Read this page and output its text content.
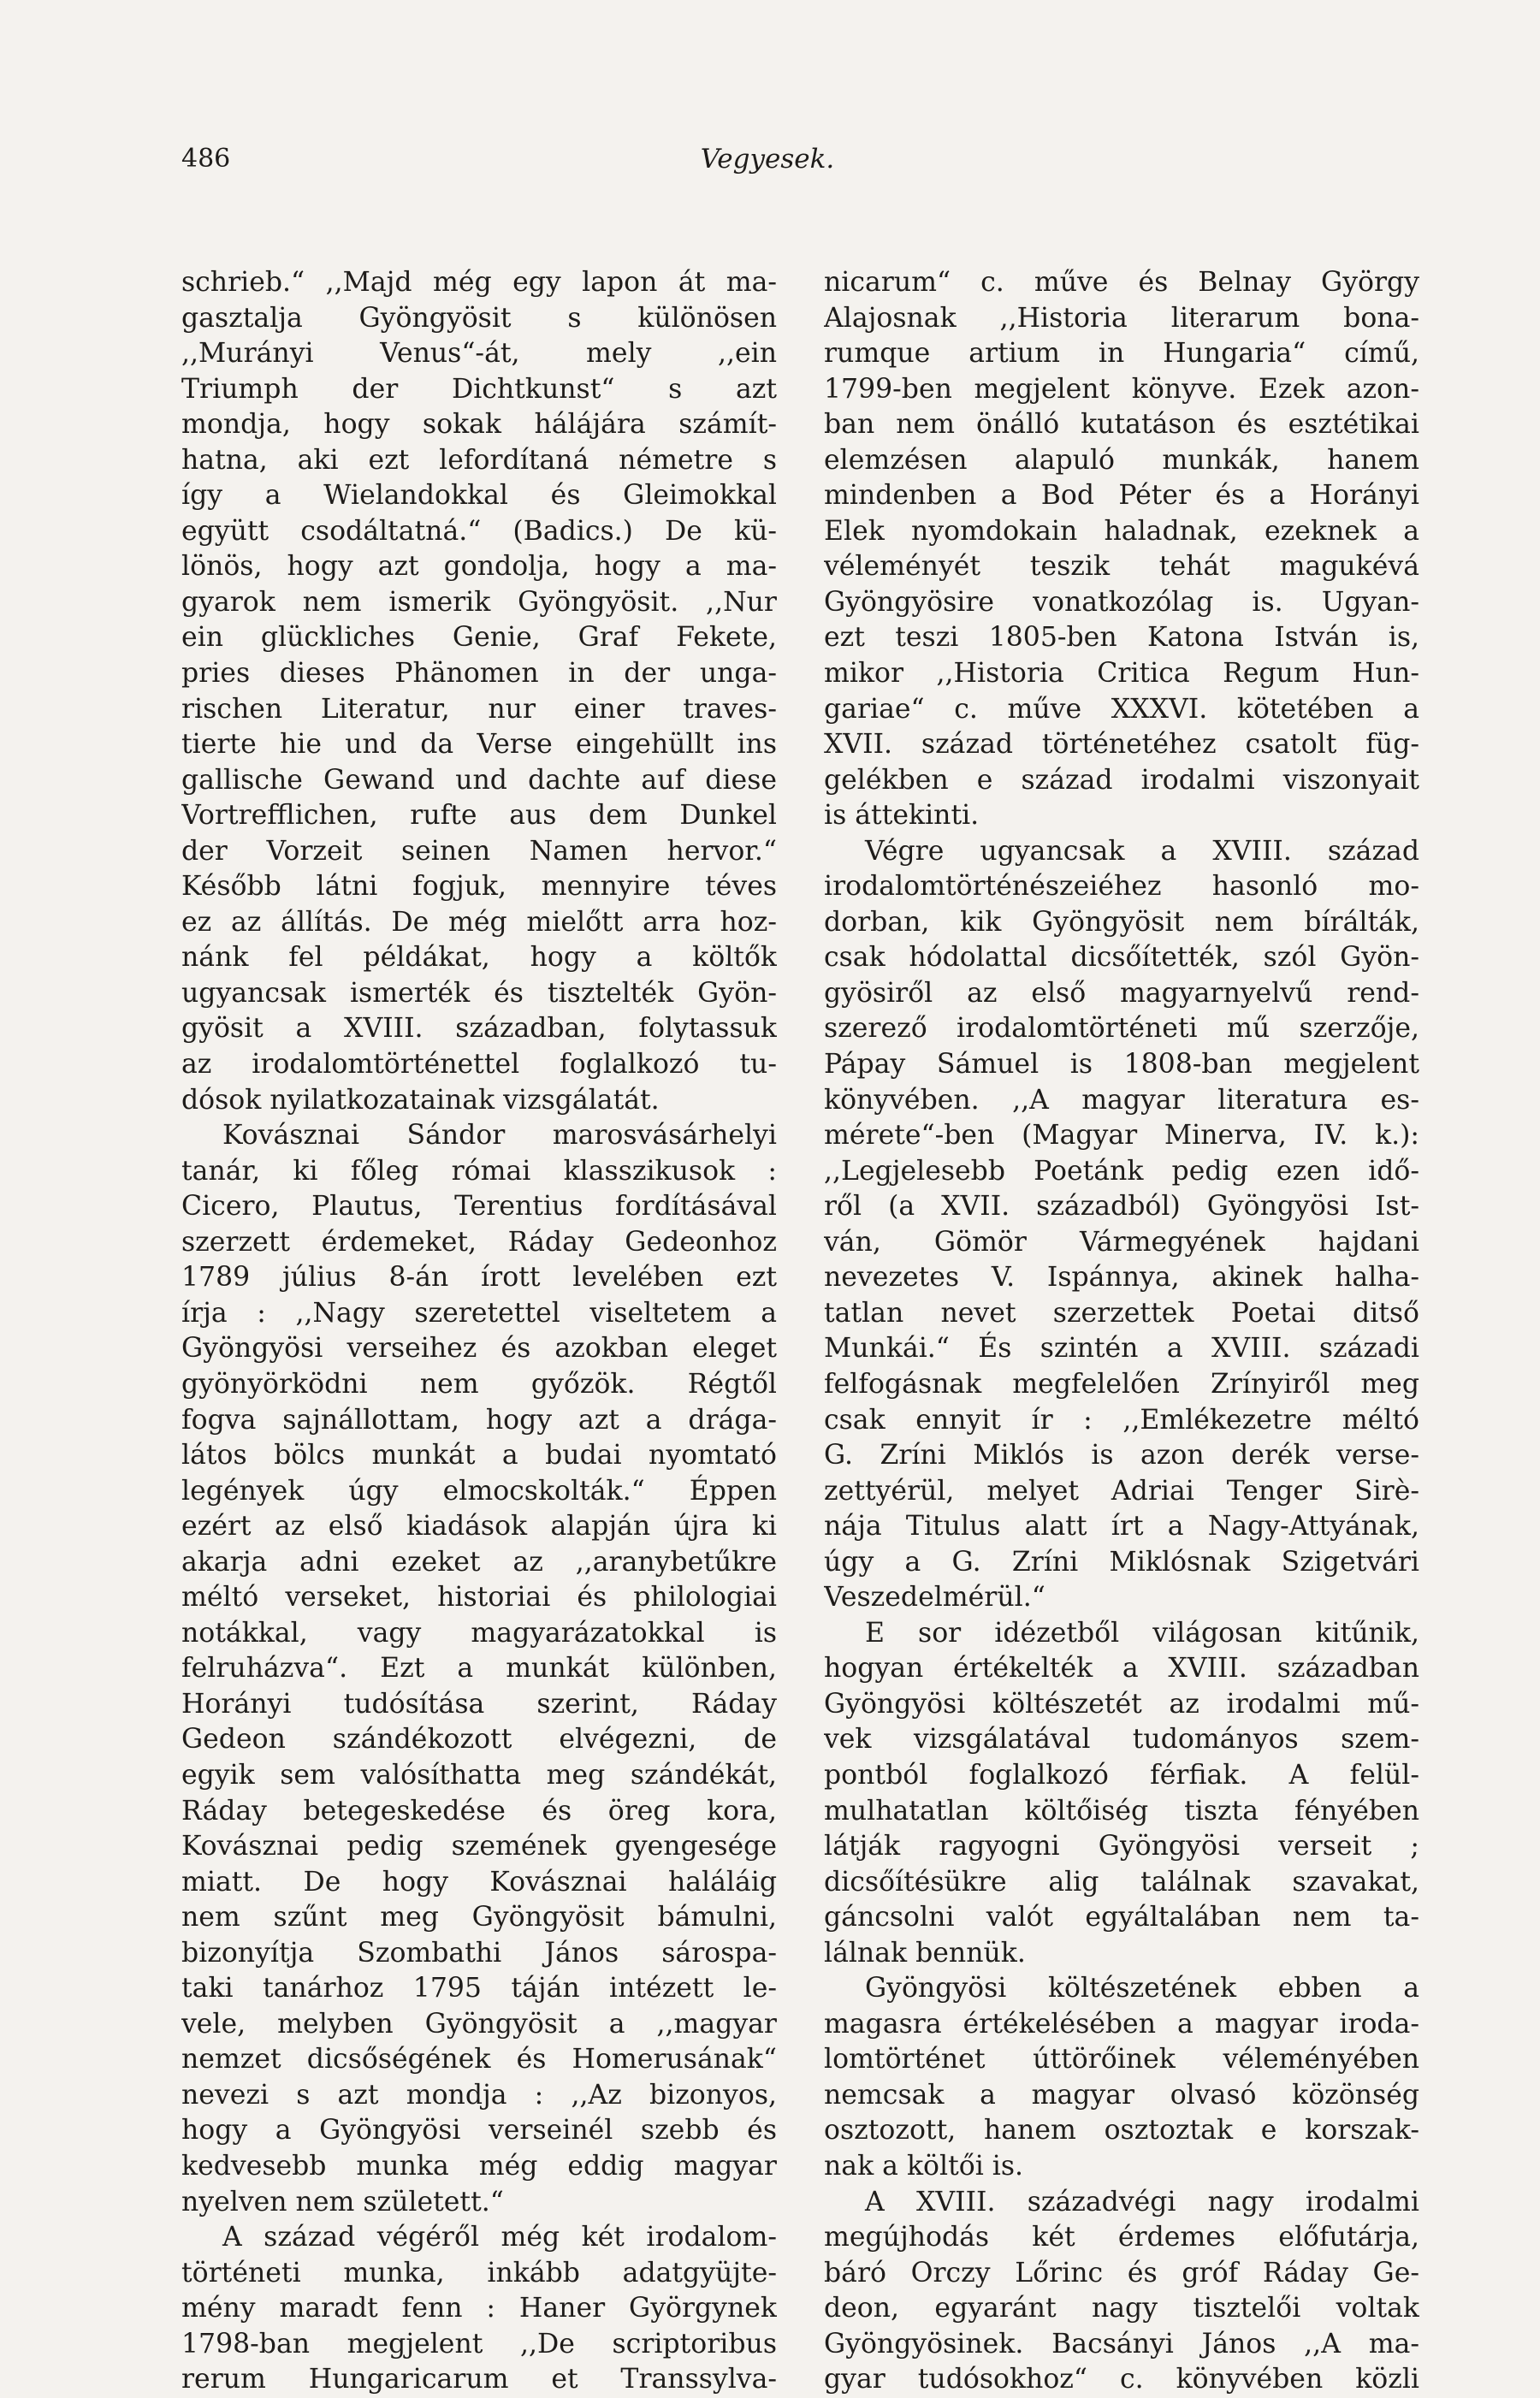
486	Vegyesek.
schrieb.“ ,,Majd még egy lapon át ma-
gasztalja Gyöngyösit s különösen
,,Murányi Venus“-át, mely ,,ein
Triumph der Dichtkunst“ s azt
mondja, hogy sokak hálájára számít-
hatna, aki ezt lefordítaná németre s
így a Wielandokkal és Gleimokkal
együtt csodáltatná.“ (Badics.) De kü-
lönös, hogy azt gondolja, hogy a ma-
gyarok nem ismerik Gyöngyösit. ,,Nur
ein glückliches Genie, Graf Fekete,
pries dieses Phänomen in der unga-
rischen Literatur, nur einer traves-
tierte hie und da Verse eingehüllt ins
gallische Gewand und dachte auf diese
Vortrefflichen, rufte aus dem Dunkel
der Vorzeit seinen Namen hervor.“
Később látni fogjuk, mennyire téves
ez az állítás. De még mielőtt arra hoz-
nánk fel példákat, hogy a költők
ugyancsak ismerték és tisztelték Gyön-
gyösit a XVIII. században, folytassuk
az irodalomtörténettel foglalkozó tu-
dósok nyilatkozatainak vizsgálatát.
Kovásznai Sándor marosvásárhelyi
tanár, ki főleg római klasszikusok :
Cicero, Plautus, Terentius fordításával
szerzett érdemeket, Ráday Gedeonhoz
1789 július 8-án írott levelében ezt
írja : ,,Nagy szeretettel viseltetem a
Gyöngyösi verseihez és azokban eleget
gyönyörködni nem győzök. Régtől
fogva sajnállottam, hogy azt a drága-
látos bölcs munkát a budai nyomtató
legények úgy elmocskolták.“ Éppen
ezért az első kiadások alapján újra ki
akarja adni ezeket az ,,aranybetűkre
méltó verseket, historiai és philologiai
notákkal, vagy magyarázatokkal is
felruházva“. Ezt a munkát különben,
Horányi tudósítása szerint, Ráday
Gedeon szándékozott elvégezni, de
egyik sem valósíthatta meg szándékát,
Ráday betegeskedése és öreg kora,
Kovásznai pedig szemének gyengesége
miatt. De hogy Kovásznai haláláig
nem szűnt meg Gyöngyösit bámulni,
bizonyítja Szombathi János sárospa-
taki tanárhoz 1795 táján intézett le-
vele, melyben Gyöngyösit a ,,magyar
nemzet dicsőségének és Homerusának“
nevezi s azt mondja : ,,Az bizonyos,
hogy a Gyöngyösi verseinél szebb és
kedvesebb munka még eddig magyar
nyelven nem született.“
A század végéről még két irodalom-
történeti munka, inkább adatgyüjte-
mény maradt fenn : Haner Györgynek
1798-ban megjelent ,,De scriptoribus
rerum Hungaricarum et Transsylva-
nicarum“ c. műve és Belnay György
Alajosnak ,,Historia literarum bona-
rumque artium in Hungaria“ című,
1799-ben megjelent könyve. Ezek azon-
ban nem önálló kutatáson és esztétikai
elemzésen alapuló munkák, hanem
mindenben a Bod Péter és a Horányi
Elek nyomdokain haladnak, ezeknek a
véleményét teszik tehát magukévá
Gyöngyösire vonatkozólag is. Ugyan-
ezt teszi 1805-ben Katona István is,
mikor ,,Historia Critica Regum Hun-
gariae“ c. műve XXXVI. kötetében a
XVII. század történetéhez csatolt füg-
gelékben e század irodalmi viszonyait
is áttekinti.
Végre ugyancsak a XVIII. század
irodalomtörténészeiéhez hasonló mo-
dorban, kik Gyöngyösit nem bírálták,
csak hódolattal dicsőítették, szól Gyön-
gyösiről az első magyarnyelvű rend-
szerező irodalomtörténeti mű szerzője,
Pápay Sámuel is 1808-ban megjelent
könyvében. ,,A magyar literatura es-
mérete“-ben (Magyar Minerva, IV. k.):
,,Legjelesebb Poetánk pedig ezen idő-
ről (a XVII. századból) Gyöngyösi Ist-
ván, Gömör Vármegyének hajdani
nevezetes V. Ispánnya, akinek halha-
tatlan nevet szerzettek Poetai ditső
Munkái.“ És szintén a XVIII. századi
felfogásnak megfelelően Zrínyiről meg
csak ennyit ír : ,,Emlékezetre méltó
G. Zríni Miklós is azon derék verse-
zettyérül, melyet Adriai Tenger Sirè-
nája Titulus alatt írt a Nagy-Attyának,
úgy a G. Zríni Miklósnak Szigetvári
Veszedelmérül.“
E sor idézetből világosan kitűnik,
hogyan értékelték a XVIII. században
Gyöngyösi költészetét az irodalmi mű-
vek vizsgálatával tudományos szem-
pontból foglalkozó férfiak. A felül-
mulhatatlan költőiség tiszta fényében
látják ragyogni Gyöngyösi verseit ;
dicsőítésükre alig találnak szavakat,
gáncsolni valót egyáltalában nem ta-
lálnak bennük.
Gyöngyösi költészetének ebben a
magasra értékelésében a magyar iroda-
lomtörténet úttörőinek véleményében
nemcsak a magyar olvasó közönség
osztozott, hanem osztoztak e korszak-
nak a költői is.
A XVIII. századvégi nagy irodalmi
megújhodás két érdemes előfutárja,
báró Orczy Lőrinc és gróf Ráday Ge-
deon, egyaránt nagy tisztelői voltak
Gyöngyösinek. Bacsányi János ,,A ma-
gyar tudósokhoz“ c. könyvében közli
